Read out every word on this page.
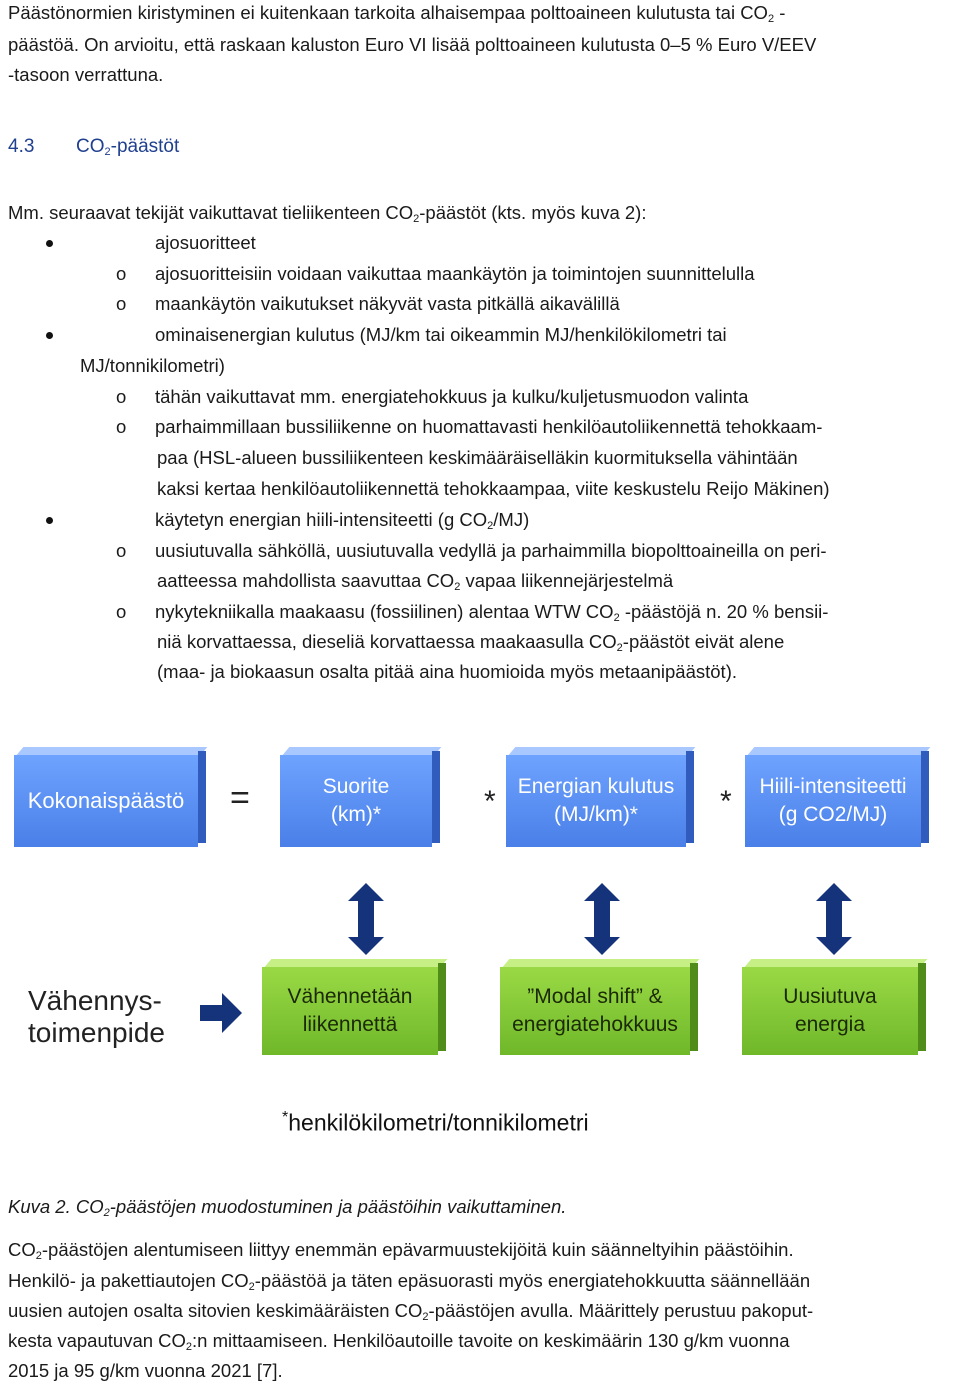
Päästönormien kiristyminen ei kuitenkaan tarkoita alhaisempaa polttoaineen kulutusta tai $CO_2$ -
päästöä. On arvioitu, että raskaan kaluston Euro VI lisää polttoaineen kulutusta 0–5 % Euro V/EEV
-tasoon verrattuna.
4.3 $CO_2$-päästöt
Mm. seuraavat tekijät vaikuttavat tieliikenteen $CO_2$-päästöt (kts. myös kuva 2):
ajosuoritteet
o ajosuoritteisiin voidaan vaikuttaa maankäytön ja toimintojen suunnittelulla
o maankäytön vaikutukset näkyvät vasta pitkällä aikavälillä
ominaisenergian kulutus (MJ/km tai oikeammin MJ/henkilökilometri tai
MJ/tonnikilometri)
o tähän vaikuttavat mm. energiatehokkuus ja kulku/kuljetusmuodon valinta
o parhaimmillaan bussiliikenne on huomattavasti henkilöautoliikennettä tehokkaam-
paa (HSL-alueen bussiliikenteen keskimääräiselläkin kuormituksella vähintään
kaksi kertaa henkilöautoliikennettä tehokkaampaa, viite keskustelu Reijo Mäkinen)
käytetyn energian hiili-intensiteetti (g $CO_2/MJ$)
o uusiutuvalla sähköllä, uusiutuvalla vedyllä ja parhaimmilla biopolttoaineilla on peri-
aatteessa mahdollista saavuttaa $CO_2$ vapaa liikennejärjestelmä
o nykytekniikalla maakaasu (fossiilinen) alentaa WTW $CO_2$ -päästöjä n. 20 % bensii-
niä korvattaessa, dieseliä korvattaessa maakaasulla $CO_2$-päästöt eivät alene
(maa- ja biokaasun osalta pitää aina huomioida myös metaanipäästöt).
Kokonaispäästö	=	Suorite
(km)*	* Energian kulutus
(MJ/km)*	* Hiili-intensiteetti
(g CO2/MJ)
Vähennys-
toimenpide
Vähennetään
liikennettä
”Modal shift” &
energiatehokkuus
Uusiutuva
energia
*henkilökilometri/tonnikilometri
Kuva 2. $CO_2$-päästöjen muodostuminen ja päästöihin vaikuttaminen.
$CO_2$-päästöjen alentumiseen liittyy enemmän epävarmuustekijöitä kuin säänneltyihin päästöihin.
Henkilö- ja pakettiautojen $CO_2$-päästöä ja täten epäsuorasti myös energiatehokkuutta säännellään
uusien autojen osalta sitovien keskimääräisten $CO_2$-päästöjen avulla. Määrittely perustuu pakoput-
kesta vapautuvan $CO_2:n$ mittaamiseen. Henkilöautoille tavoite on keskimäärin 130 g/km vuonna
2015 ja 95 g/km vuonna 2021 [7].
